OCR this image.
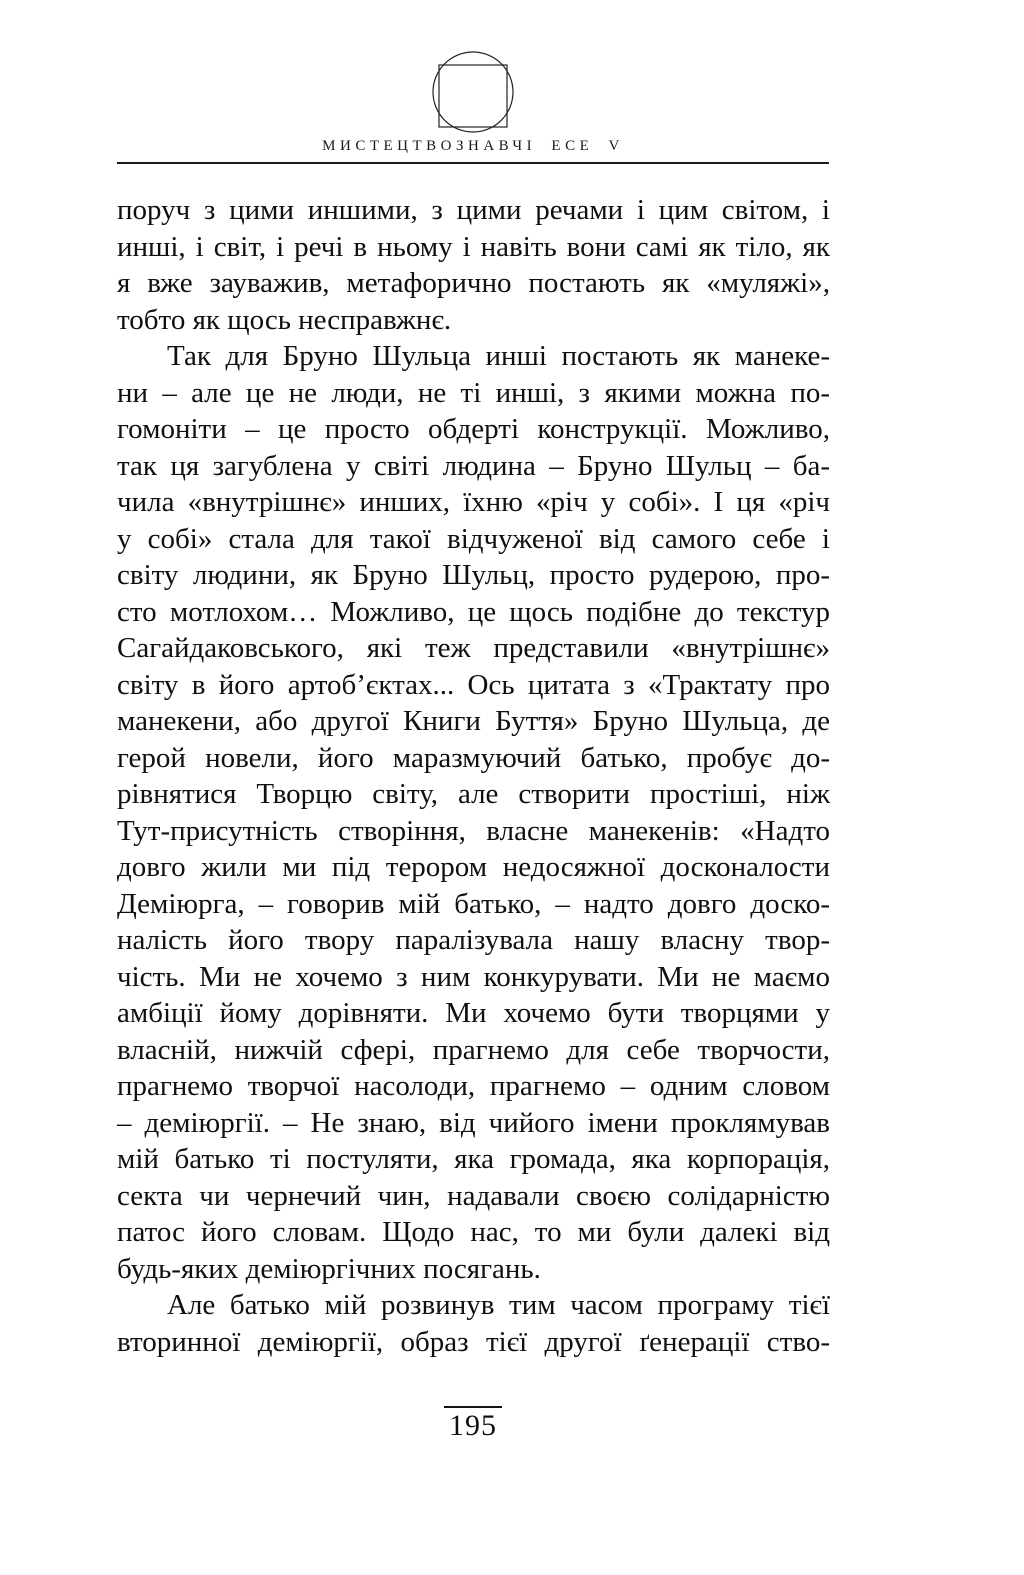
МИСТЕЦТВОЗНАВЧІ ЕСЕ V
поруч з цими иншими, з цими речами і цим світом, і
инші, і світ, і речі в ньому і навіть вони самі як тіло, як
я вже зауважив, метафорично постають як «муляжі»,
тобто як щось несправжнє.
Так для Бруно Шульца инші постають як манеке-
ни – але це не люди, не ті инші, з якими можна по-
гомоніти – це просто обдерті конструкції. Можливо,
так ця загублена у світі людина – Бруно Шульц – ба-
чила «внутрішнє» инших, їхню «річ у собі». І ця «річ
у собі» стала для такої відчуженої від самого себе і
світу людини, як Бруно Шульц, просто рудерою, про-
сто мотлохом… Можливо, це щось подібне до текстур
Сагайдаковського, які теж представили «внутрішнє»
світу в його артоб’єктах... Ось цитата з «Трактату про
манекени, або другої Книги Буття» Бруно Шульца, де
герой новели, його маразмуючий батько, пробує до-
рівнятися Творцю світу, але створити простіші, ніж
Тут-присутність створіння, власне манекенів: «Надто
довго жили ми під терором недосяжної досконалости
Деміюрга, – говорив мій батько, – надто довго доско-
налість його твору паралізувала нашу власну твор-
чість. Ми не хочемо з ним конкурувати. Ми не маємо
амбіції йому дорівняти. Ми хочемо бути творцями у
власній, нижчій сфері, прагнемо для себе творчости,
прагнемо творчої насолоди, прагнемо – одним словом
– деміюргії. – Не знаю, від чийого імени проклямував
мій батько ті постуляти, яка громада, яка корпорація,
секта чи чернечий чин, надавали своєю солідарністю
патос його словам. Щодо нас, то ми були далекі від
будь-яких деміюргічних посягань.
Але батько мій розвинув тим часом програму тієї
вторинної деміюргії, образ тієї другої ґенерації ство-
195
